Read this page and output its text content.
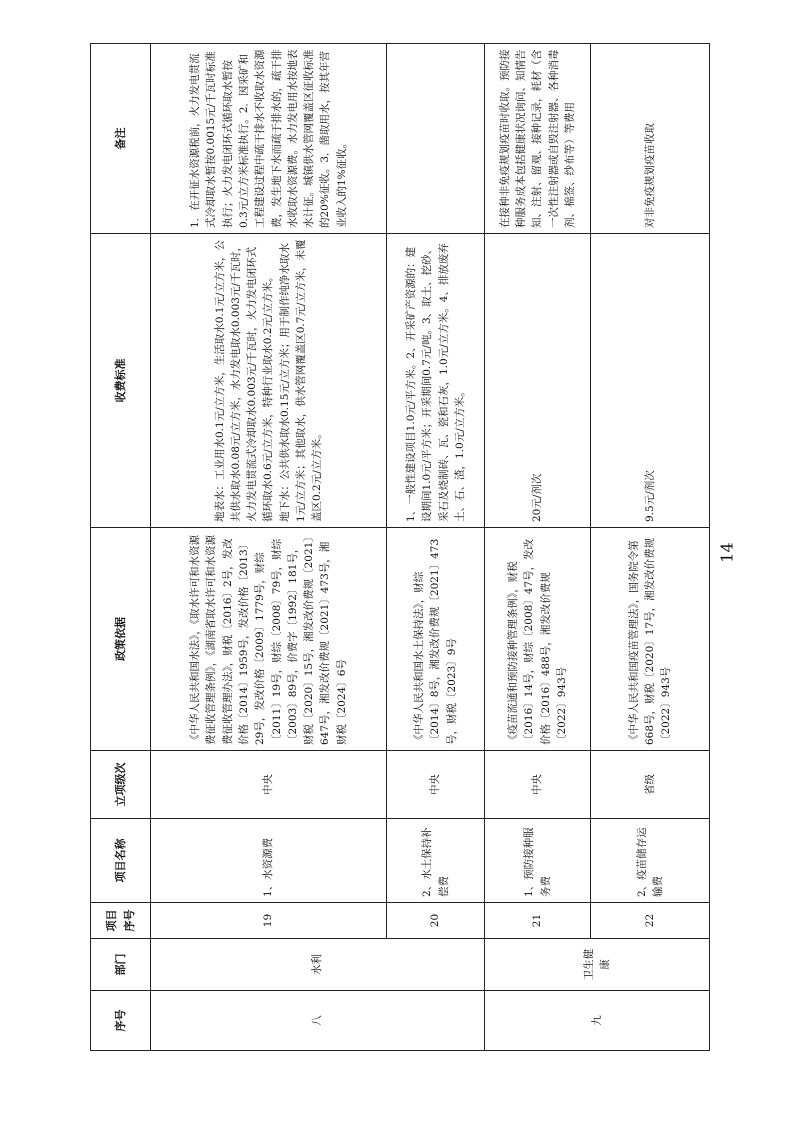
序号	部门	项目序号	项目名称	立项级次	政策依据	收费标准	备注
八	水利	19	1、水资源费	中央	《中华人民共和国水法》，《取水许可和水资源费征收管理条例》，《湖南省取水许可和水资源费征收管理办法》，财税〔2016〕2号，发改价格〔2014〕1959号，发改价格〔2013〕29号，发改价格〔2009〕1779号，财综〔2011〕19号，财综〔2008〕79号，财综〔2003〕89号，价费字〔1992〕181号，财税〔2020〕15号，湘发改价费规〔2021〕647号，湘发改价费规〔2021〕473号，湘财税〔2024〕6号	地表水：工业用水0.1元/立方米，生活取水0.1元/立方米，公共供水取水0.08元/立方米，水力发电取水0.003元/千瓦时，火力发电贯流式冷却取水0.003元/千瓦时，火力发电闭环式循环取水0.6元/立方米，特种行业取水0.2元/立方米。 地下水：公共供水取水0.15元/立方米；用于制作纯净水取水1元/立方米；其他取水，供水管网覆盖区0.7元/立方米，未覆盖区0.2元/立方米。	1．在开征水资源税前，火力发电贯流式冷却取水暂按0.0015元/千瓦时标准执行；火力发电闭环式循环取水暂按0.3元/立方米标准执行。2．因采矿和工程建设过程中疏干排水不收取水资源费，发生地下水而疏于排水的，疏干排水收取水资源费。水力发电用水按地表水计征。城镇供水管网覆盖区征收标准的20%征收。3．凿取用水，按其年营业收入的1%征收。
		20	2、水土保持补偿费	中央	《中华人民共和国水土保持法》，财综〔2014〕8号，湘发改价费规〔2021〕473号，财税〔2023〕9号	1、一般性建设项目1.0元/平方米。2、开采矿产资源的：建设期间1.0元/平方米；开采期间0.7元/吨。3、取土、挖砂、采石及烧制砖、瓦、瓷和石灰，1.0元/立方米。4、排放废弃土、石、渣，1.0元/立方米。	

九	卫生健康	21	1、预防接种服务费	中央	《疫苗流通和预防接种管理条例》，财税〔2016〕14号，财综〔2008〕47号，发改价格〔2016〕488号，湘发改价费规〔2022〕943号	20元/剂次	在接种非免疫规划疫苗时收取。预防接种服务成本包括健康状况询问、知情告知、注射、留观、接种记录，耗材（含一次性注射器或自毁注射器、各种消毒剂、棉签、纱布等）等费用
		22	2、疫苗储存运输费	省级	《中华人民共和国疫苗管理法》，国务院令第668号，财税〔2020〕17号，湘发改价费规〔2022〕943号	9.5元/剂次	对非免疫规划疫苗收取
14
